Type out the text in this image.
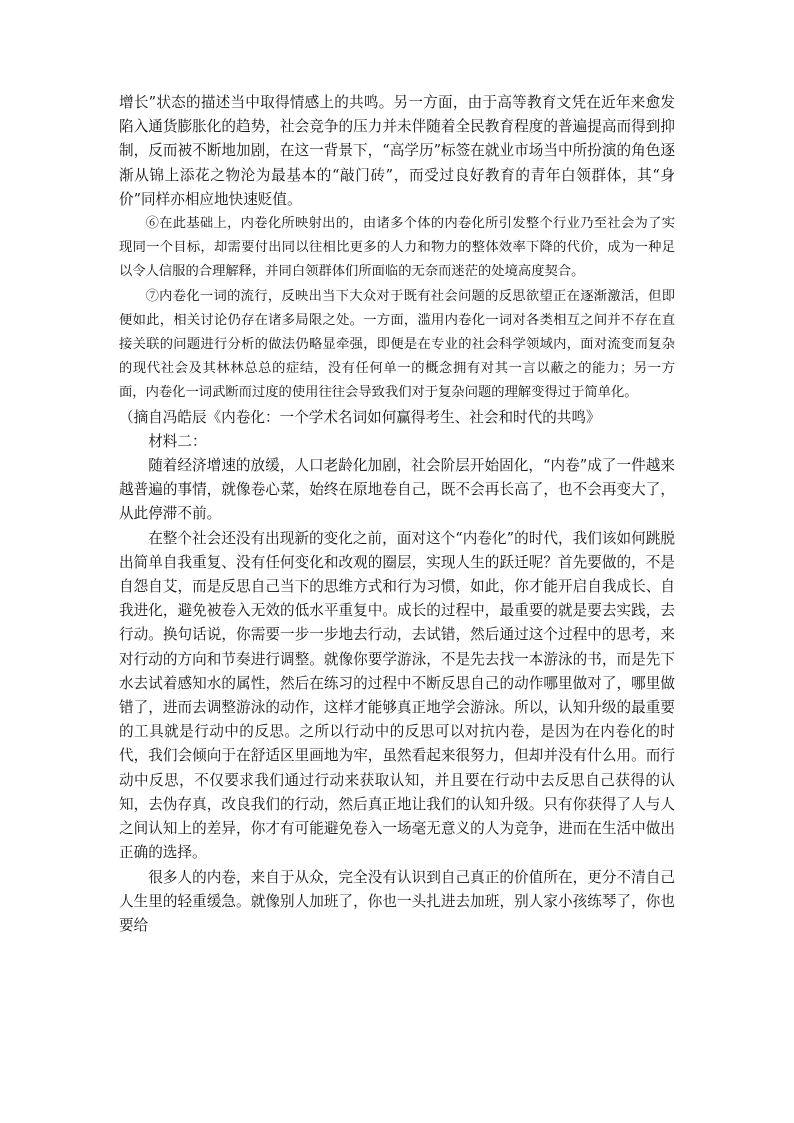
增长”状态的描述当中取得情感上的共鸣。另一方面，由于高等教育文凭在近年来愈发陷入通货膨胀化的趋势，社会竞争的压力并未伴随着全民教育程度的普遍提高而得到抑制，反而被不断地加剧，在这一背景下，“高学历”标签在就业市场当中所扮演的角色逐渐从锦上添花之物沦为最基本的“敲门砖”，而受过良好教育的青年白领群体，其“身价”同样亦相应地快速贬值。

⑥在此基础上，内卷化所映射出的，由诸多个体的内卷化所引发整个行业乃至社会为了实现同一个目标，却需要付出同以往相比更多的人力和物力的整体效率下降的代价，成为一种足以令人信服的合理解释，并同白领群体们所面临的无奈而迷茫的处境高度契合。

⑦内卷化一词的流行，反映出当下大众对于既有社会问题的反思欲望正在逐渐激活，但即便如此，相关讨论仍存在诸多局限之处。一方面，滥用内卷化一词对各类相互之间并不存在直接关联的问题进行分析的做法仍略显牵强，即便是在专业的社会科学领域内，面对流变而复杂的现代社会及其林林总总的症结，没有任何单一的概念拥有对其一言以蔽之的能力；另一方面，内卷化一词武断而过度的使用往往会导致我们对于复杂问题的理解变得过于简单化。

（摘自冯皓辰《内卷化：一个学术名词如何赢得考生、社会和时代的共鸣》

材料二：

随着经济增速的放缓，人口老龄化加剧，社会阶层开始固化，“内卷”成了一件越来越普遍的事情，就像卷心菜，始终在原地卷自己，既不会再长高了，也不会再变大了，从此停滞不前。

在整个社会还没有出现新的变化之前，面对这个“内卷化”的时代，我们该如何跳脱出简单自我重复、没有任何变化和改观的圈层，实现人生的跃迁呢？首先要做的，不是自怨自艾，而是反思自己当下的思维方式和行为习惯，如此，你才能开启自我成长、自我进化，避免被卷入无效的低水平重复中。成长的过程中，最重要的就是要去实践，去行动。换句话说，你需要一步一步地去行动，去试错，然后通过这个过程中的思考，来对行动的方向和节奏进行调整。就像你要学游泳，不是先去找一本游泳的书，而是先下水去试着感知水的属性，然后在练习的过程中不断反思自己的动作哪里做对了，哪里做错了，进而去调整游泳的动作，这样才能够真正地学会游泳。所以，认知升级的最重要的工具就是行动中的反思。之所以行动中的反思可以对抗内卷，是因为在内卷化的时代，我们会倾向于在舒适区里画地为牢，虽然看起来很努力，但却并没有什么用。而行动中反思，不仅要求我们通过行动来获取认知，并且要在行动中去反思自己获得的认知，去伪存真，改良我们的行动，然后真正地让我们的认知升级。只有你获得了人与人之间认知上的差异，你才有可能避免卷入一场毫无意义的人为竞争，进而在生活中做出正确的选择。

很多人的内卷，来自于从众，完全没有认识到自己真正的价值所在，更分不清自己人生里的轻重缓急。就像别人加班了，你也一头扎进去加班，别人家小孩练琴了，你也要给
